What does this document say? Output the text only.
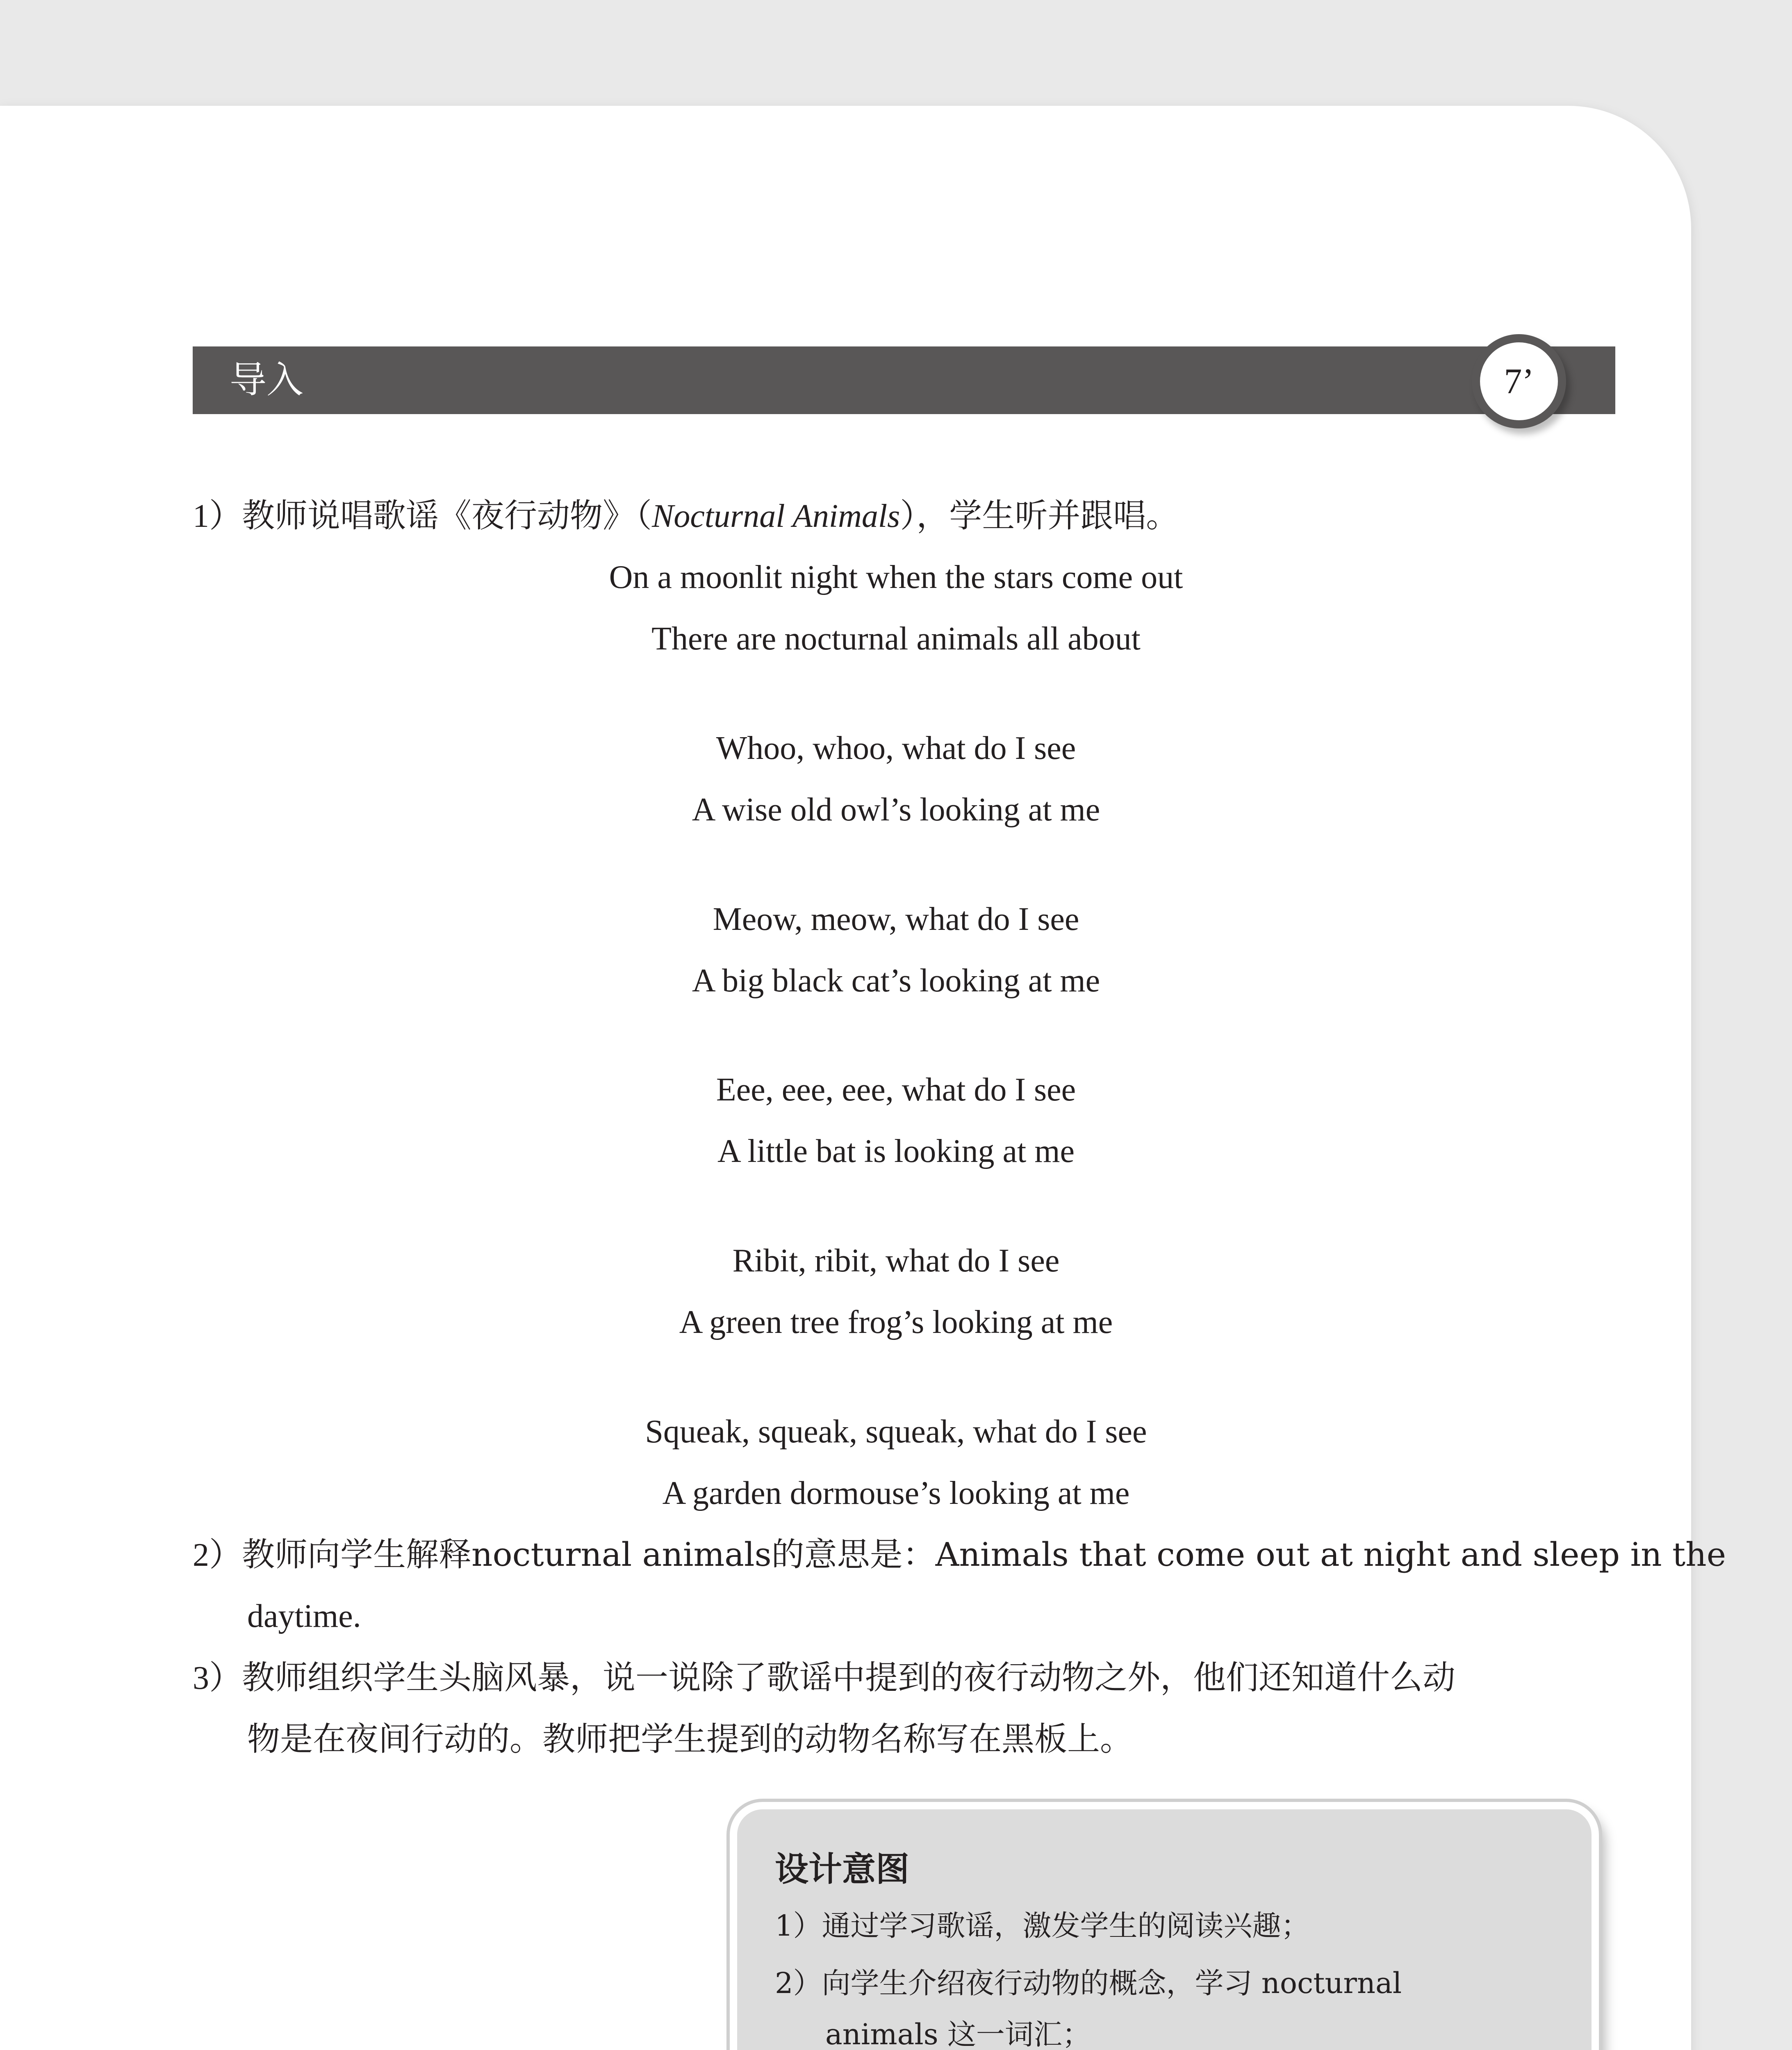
导入	7’
1）教师说唱歌谣《夜行动物》（Nocturnal Animals），学生听并跟唱。
On a moonlit night when the stars come out
There are nocturnal animals all about
Whoo, whoo, what do I see
A wise old owl’s looking at me
Meow, meow, what do I see
A big black cat’s looking at me
Eee, eee, eee, what do I see
A little bat is looking at me
Ribit, ribit, what do I see
A green tree frog’s looking at me
Squeak, squeak, squeak, what do I see
A garden dormouse’s looking at me
2）教师向学生解释nocturnal animals的意思是：Animals that come out at night and sleep in the
daytime.
3）教师组织学生头脑风暴，说一说除了歌谣中提到的夜行动物之外，他们还知道什么动
物是在夜间行动的。教师把学生提到的动物名称写在黑板上。
设计意图
1）通过学习歌谣，激发学生的阅读兴趣；
2）向学生介绍夜行动物的概念，学习 nocturnal
animals 这一词汇；
